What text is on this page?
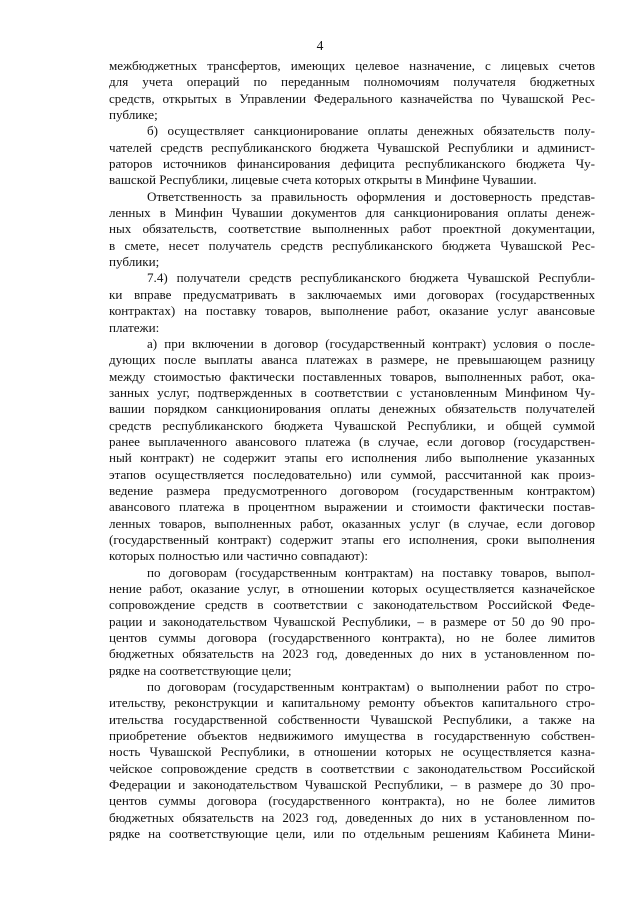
4
межбюджетных трансфертов, имеющих целевое назначение, с лицевых счетов
для учета операций по переданным полномочиям получателя бюджетных
средств, открытых в Управлении Федерального казначейства по Чувашской Рес-
публике;
б) осуществляет санкционирование оплаты денежных обязательств полу-
чателей средств республиканского бюджета Чувашской Республики и админист-
раторов источников финансирования дефицита республиканского бюджета Чу-
вашской Республики, лицевые счета которых открыты в Минфине Чувашии.
Ответственность за правильность оформления и достоверность представ-
ленных в Минфин Чувашии документов для санкционирования оплаты денеж-
ных обязательств, соответствие выполненных работ проектной документации,
в смете, несет получатель средств республиканского бюджета Чувашской Рес-
публики;
7.4) получатели средств республиканского бюджета Чувашской Республи-
ки вправе предусматривать в заключаемых ими договорах (государственных
контрактах) на поставку товаров, выполнение работ, оказание услуг авансовые
платежи:
а) при включении в договор (государственный контракт) условия о после-
дующих после выплаты аванса платежах в размере, не превышающем разницу
между стоимостью фактически поставленных товаров, выполненных работ, ока-
занных услуг, подтвержденных в соответствии с установленным Минфином Чу-
вашии порядком санкционирования оплаты денежных обязательств получателей
средств республиканского бюджета Чувашской Республики, и общей суммой
ранее выплаченного авансового платежа (в случае, если договор (государствен-
ный контракт) не содержит этапы его исполнения либо выполнение указанных
этапов осуществляется последовательно) или суммой, рассчитанной как произ-
ведение размера предусмотренного договором (государственным контрактом)
авансового платежа в процентном выражении и стоимости фактически постав-
ленных товаров, выполненных работ, оказанных услуг (в случае, если договор
(государственный контракт) содержит этапы его исполнения, сроки выполнения
которых полностью или частично совпадают):
по договорам (государственным контрактам) на поставку товаров, выпол-
нение работ, оказание услуг, в отношении которых осуществляется казначейское
сопровождение средств в соответствии с законодательством Российской Феде-
рации и законодательством Чувашской Республики, – в размере от 50 до 90 про-
центов суммы договора (государственного контракта), но не более лимитов
бюджетных обязательств на 2023 год, доведенных до них в установленном по-
рядке на соответствующие цели;
по договорам (государственным контрактам) о выполнении работ по стро-
ительству, реконструкции и капитальному ремонту объектов капитального стро-
ительства государственной собственности Чувашской Республики, а также на
приобретение объектов недвижимого имущества в государственную собствен-
ность Чувашской Республики, в отношении которых не осуществляется казна-
чейское сопровождение средств в соответствии с законодательством Российской
Федерации и законодательством Чувашской Республики, – в размере до 30 про-
центов суммы договора (государственного контракта), но не более лимитов
бюджетных обязательств на 2023 год, доведенных до них в установленном по-
рядке на соответствующие цели, или по отдельным решениям Кабинета Мини-
